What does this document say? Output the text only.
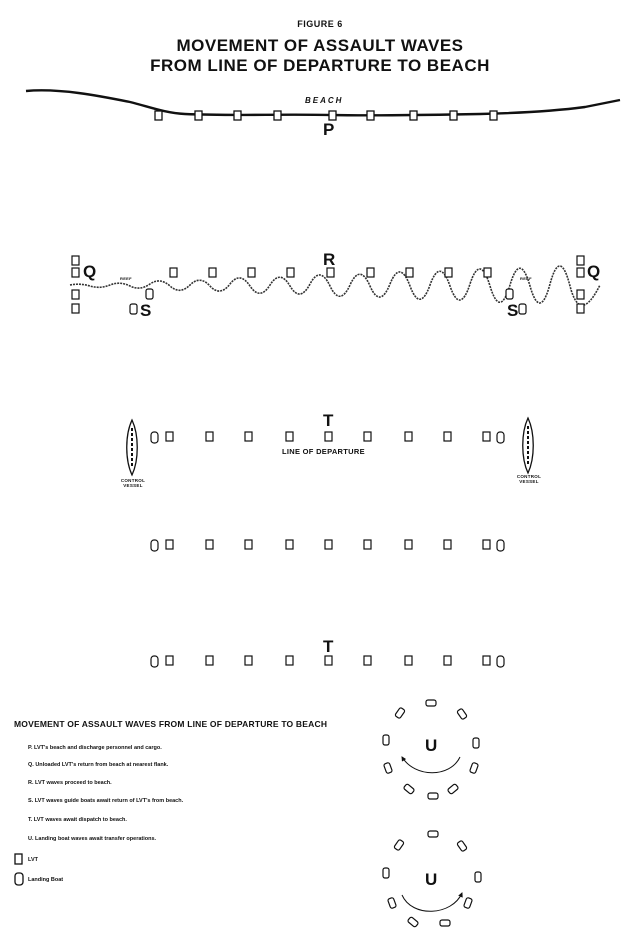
FIGURE 6
MOVEMENT OF ASSAULT WAVES
FROM LINE OF DEPARTURE TO BEACH
BEACH
P
Q	Q
R
REEF	REEF
S	S
T
LINE OF DEPARTURE
CONTROL
VESSEL
CONTROL
VESSEL
T
U
U
MOVEMENT OF ASSAULT WAVES FROM LINE OF DEPARTURE TO BEACH
P. LVT's beach and discharge personnel and cargo.
Q. Unloaded LVT's return from beach at nearest flank.
R. LVT waves proceed to beach.
S. LVT waves guide boats await return of LVT's from beach.
T. LVT waves await dispatch to beach.
U. Landing boat waves await transfer operations.
LVT
Landing Boat
